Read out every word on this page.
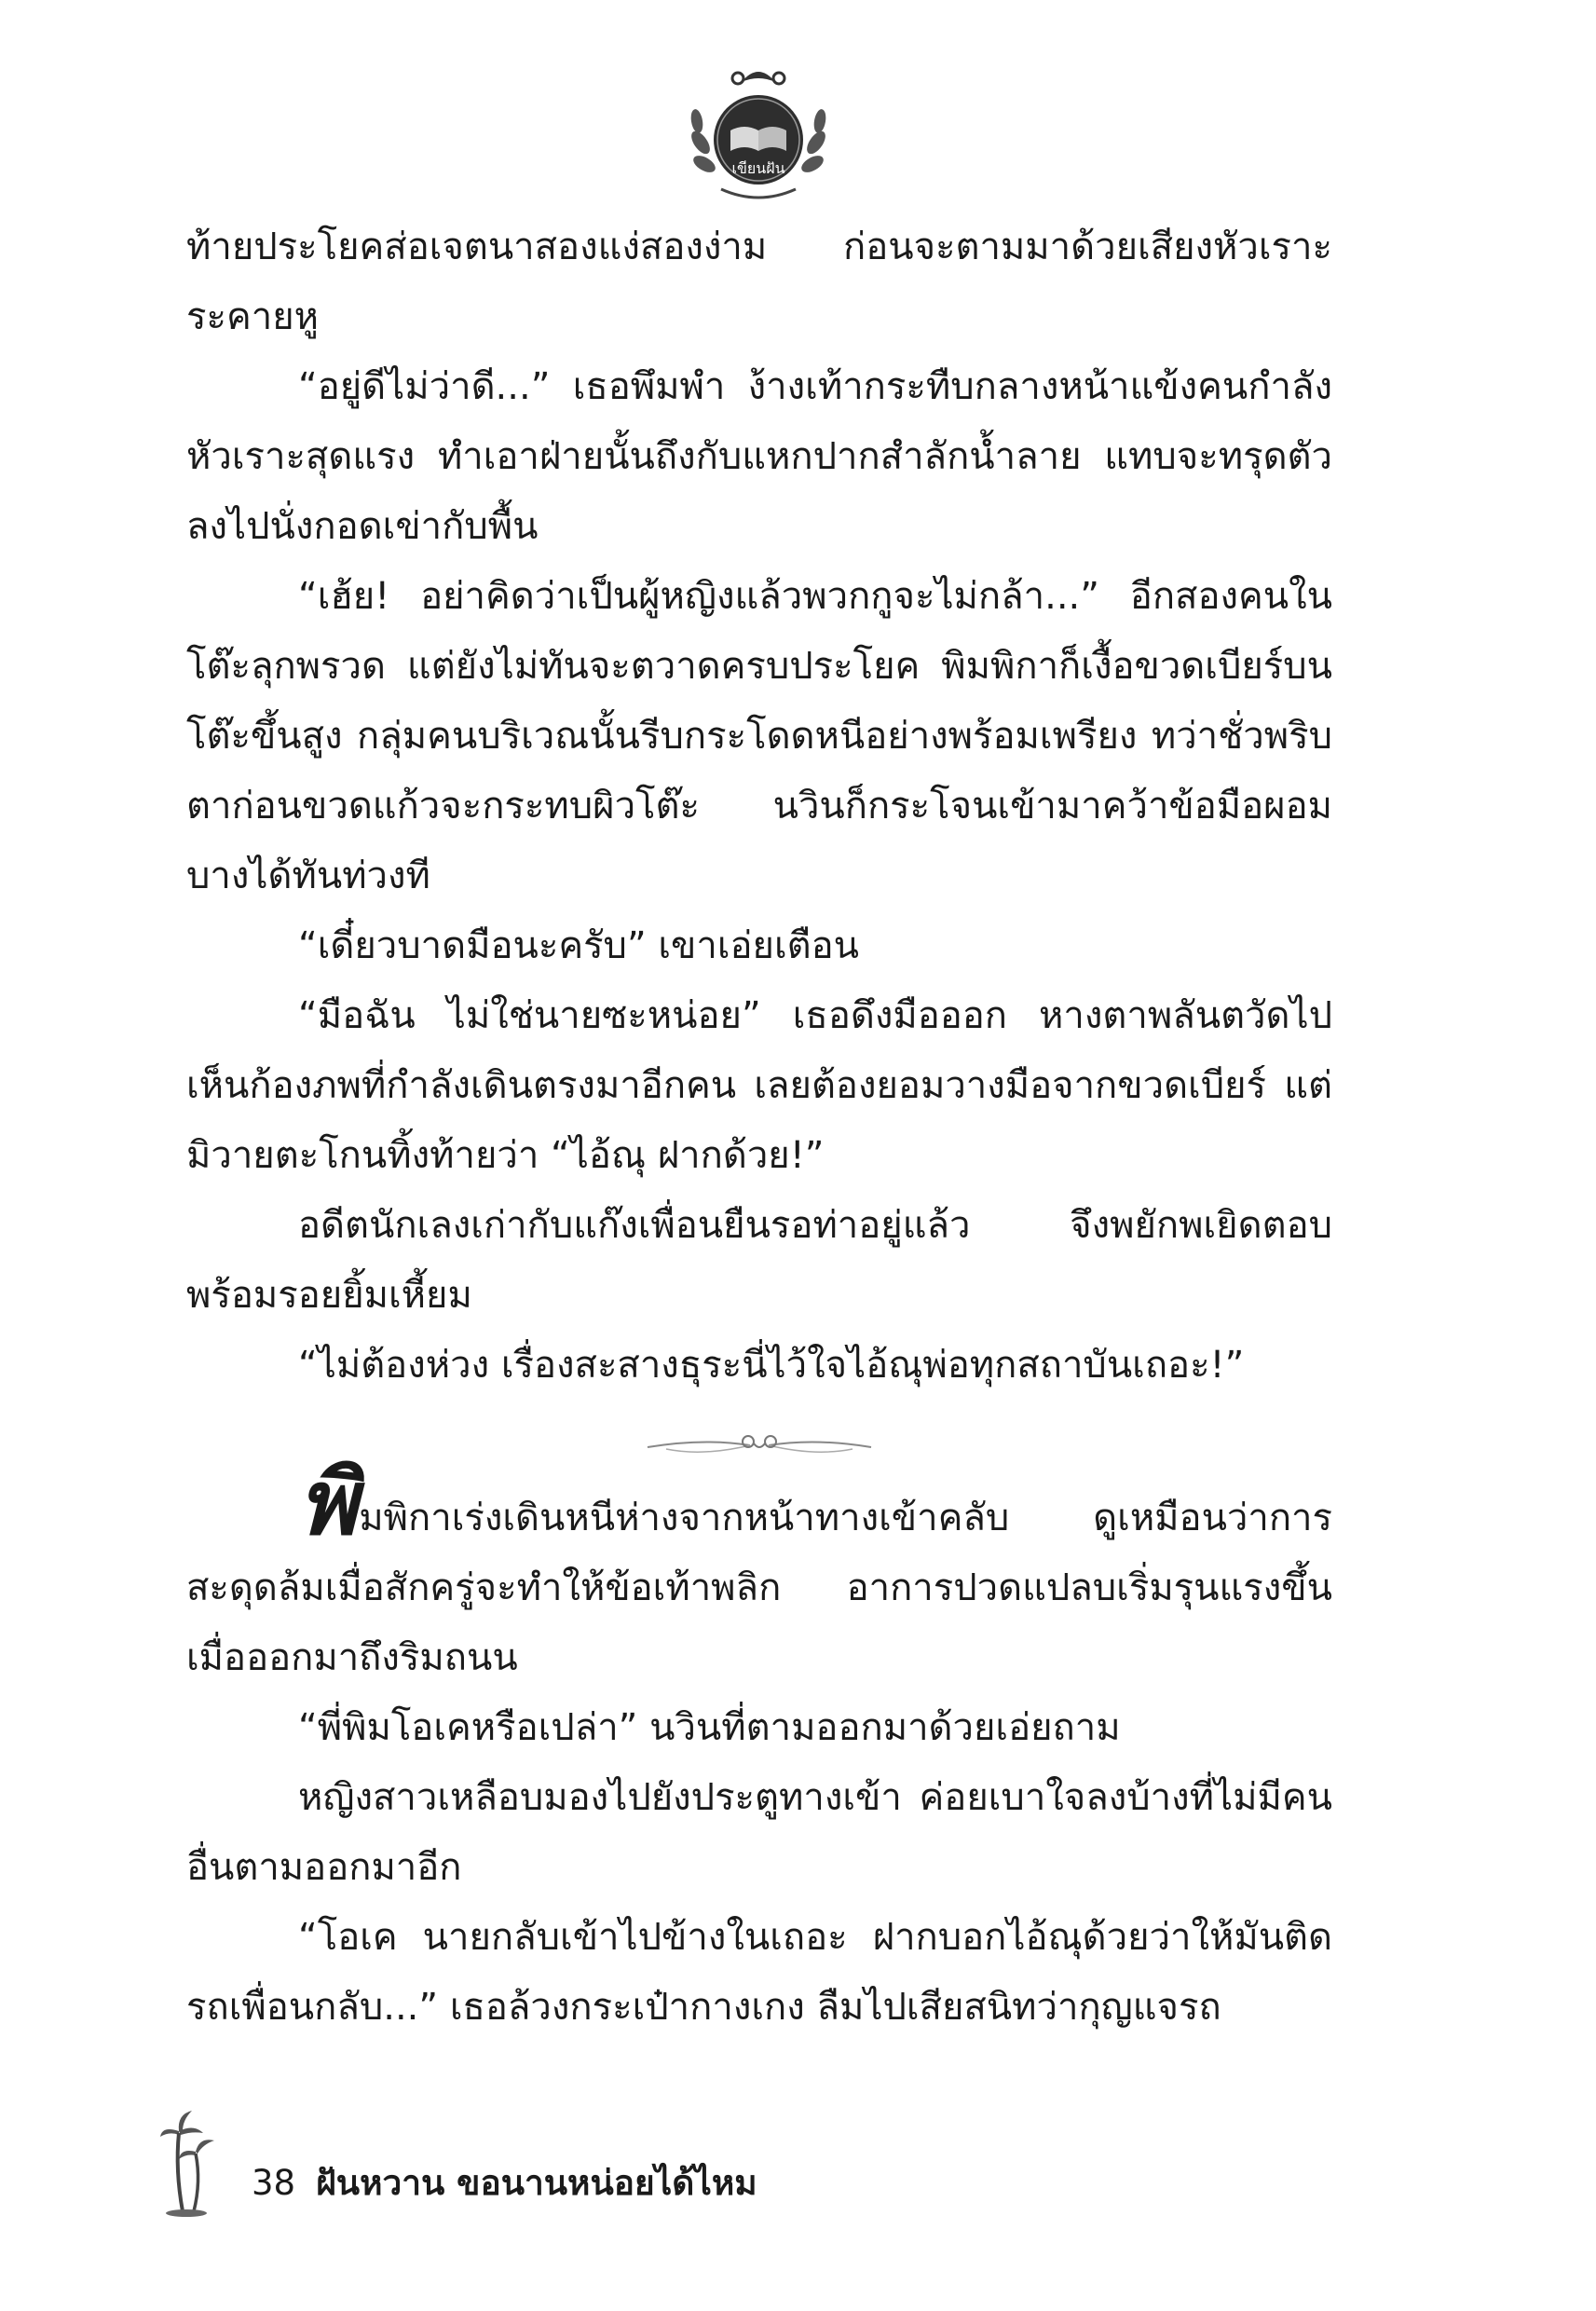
เขียนฝัน

ท้ายประโยคส่อเจตนาสองแง่สองง่าม ก่อนจะตามมาด้วยเสียงหัวเราะระคายหู

“อยู่ดีไม่ว่าดี...” เธอพึมพำ ง้างเท้ากระทืบกลางหน้าแข้งคนกำลังหัวเราะสุดแรง ทำเอาฝ่ายนั้นถึงกับแหกปากสำลักน้ำลาย แทบจะทรุดตัวลงไปนั่งกอดเข่ากับพื้น

“เฮ้ย! อย่าคิดว่าเป็นผู้หญิงแล้วพวกกูจะไม่กล้า...” อีกสองคนในโต๊ะลุกพรวด แต่ยังไม่ทันจะตวาดครบประโยค พิมพิกาก็เงื้อขวดเบียร์บนโต๊ะขึ้นสูง กลุ่มคนบริเวณนั้นรีบกระโดดหนีอย่างพร้อมเพรียง ทว่าชั่วพริบตาก่อนขวดแก้วจะกระทบผิวโต๊ะ นวินก็กระโจนเข้ามาคว้าข้อมือผอมบางได้ทันท่วงที

“เดี๋ยวบาดมือนะครับ” เขาเอ่ยเตือน

“มือฉัน ไม่ใช่นายซะหน่อย” เธอดึงมือออก หางตาพลันตวัดไปเห็นก้องภพที่กำลังเดินตรงมาอีกคน เลยต้องยอมวางมือจากขวดเบียร์ แต่มิวายตะโกนทิ้งท้ายว่า “ไอ้ณุ ฝากด้วย!”

อดีตนักเลงเก่ากับแก๊งเพื่อนยืนรอท่าอยู่แล้ว จึงพยักพเยิดตอบพร้อมรอยยิ้มเหี้ยม

“ไม่ต้องห่วง เรื่องสะสางธุระนี่ไว้ใจไอ้ณุพ่อทุกสถาบันเถอะ!”

พิมพิกาเร่งเดินหนีห่างจากหน้าทางเข้าคลับ ดูเหมือนว่าการสะดุดล้มเมื่อสักครู่จะทำให้ข้อเท้าพลิก อาการปวดแปลบเริ่มรุนแรงขึ้นเมื่อออกมาถึงริมถนน

“พี่พิมโอเคหรือเปล่า” นวินที่ตามออกมาด้วยเอ่ยถาม

หญิงสาวเหลือบมองไปยังประตูทางเข้า ค่อยเบาใจลงบ้างที่ไม่มีคนอื่นตามออกมาอีก

“โอเค นายกลับเข้าไปข้างในเถอะ ฝากบอกไอ้ณุด้วยว่าให้มันติดรถเพื่อนกลับ...” เธอล้วงกระเป๋ากางเกง ลืมไปเสียสนิทว่ากุญแจรถ

38 ฝันหวาน ขอนานหน่อยได้ไหม
